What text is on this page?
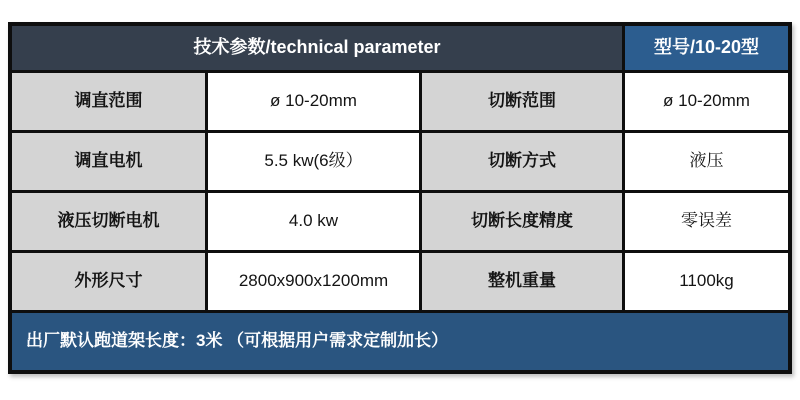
技术参数/technical parameter	型号/10-20型
调直范围	ø 10-20mm	切断范围	ø 10-20mm
调直电机	5.5 kw(6级）	切断方式	液压
液压切断电机	4.0 kw	切断长度精度	零误差
外形尺寸	2800x900x1200mm	整机重量	1100kg
出厂默认跑道架长度：3米 （可根据用户需求定制加长）
